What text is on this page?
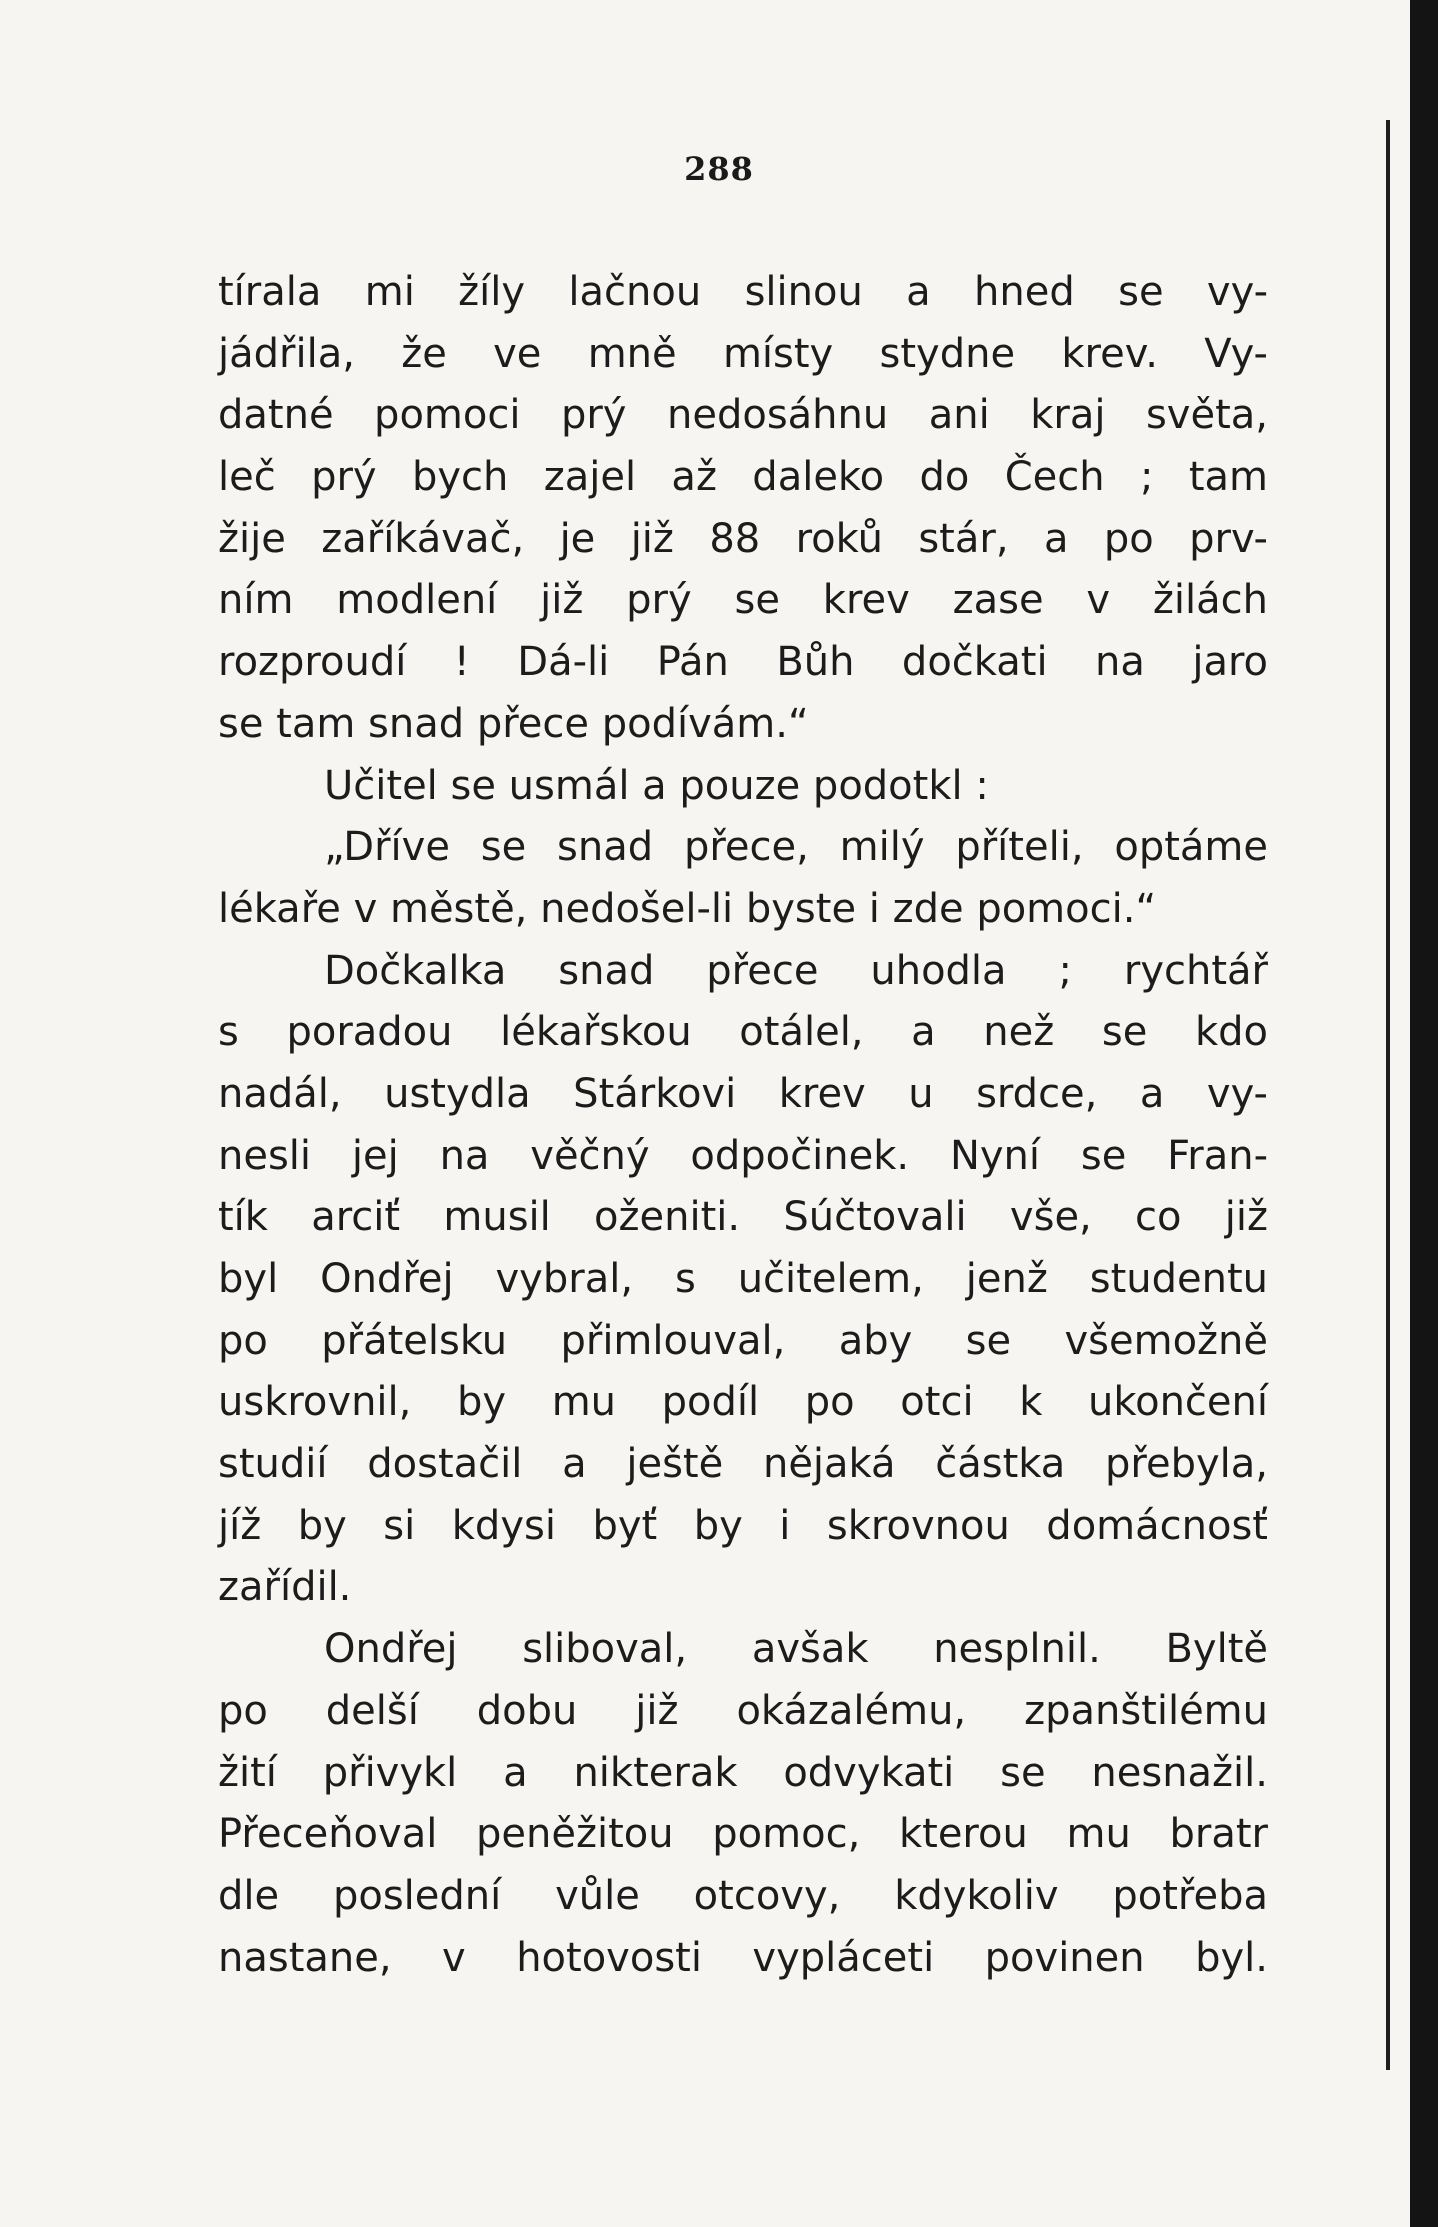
288
tírala mi žíly lačnou slinou a hned se vy-
jádřila, že ve mně místy stydne krev. Vy-
datné pomoci prý nedosáhnu ani kraj světa,
leč prý bych zajel až daleko do Čech ; tam
žije zaříkávač, je již 88 roků stár, a po prv-
ním modlení již prý se krev zase v žilách
rozproudí ! Dá-li Pán Bůh dočkati na jaro
se tam snad přece podívám.“
Učitel se usmál a pouze podotkl :
„Dříve se snad přece, milý příteli, optáme
lékaře v městě, nedošel-li byste i zde pomoci.“
Dočkalka snad přece uhodla ; rychtář
s poradou lékařskou otálel, a než se kdo
nadál, ustydla Stárkovi krev u srdce, a vy-
nesli jej na věčný odpočinek. Nyní se Fran-
tík arciť musil oženiti. Súčtovali vše, co již
byl Ondřej vybral, s učitelem, jenž studentu
po přátelsku přimlouval, aby se všemožně
uskrovnil, by mu podíl po otci k ukončení
studií dostačil a ještě nějaká částka přebyla,
jíž by si kdysi byť by i skrovnou domácnosť
zařídil.
Ondřej sliboval, avšak nesplnil. Byltě
po delší dobu již okázalému, zpanštilému
žití přivykl a nikterak odvykati se nesnažil.
Přeceňoval peněžitou pomoc, kterou mu bratr
dle poslední vůle otcovy, kdykoliv potřeba
nastane, v hotovosti vypláceti povinen byl.
